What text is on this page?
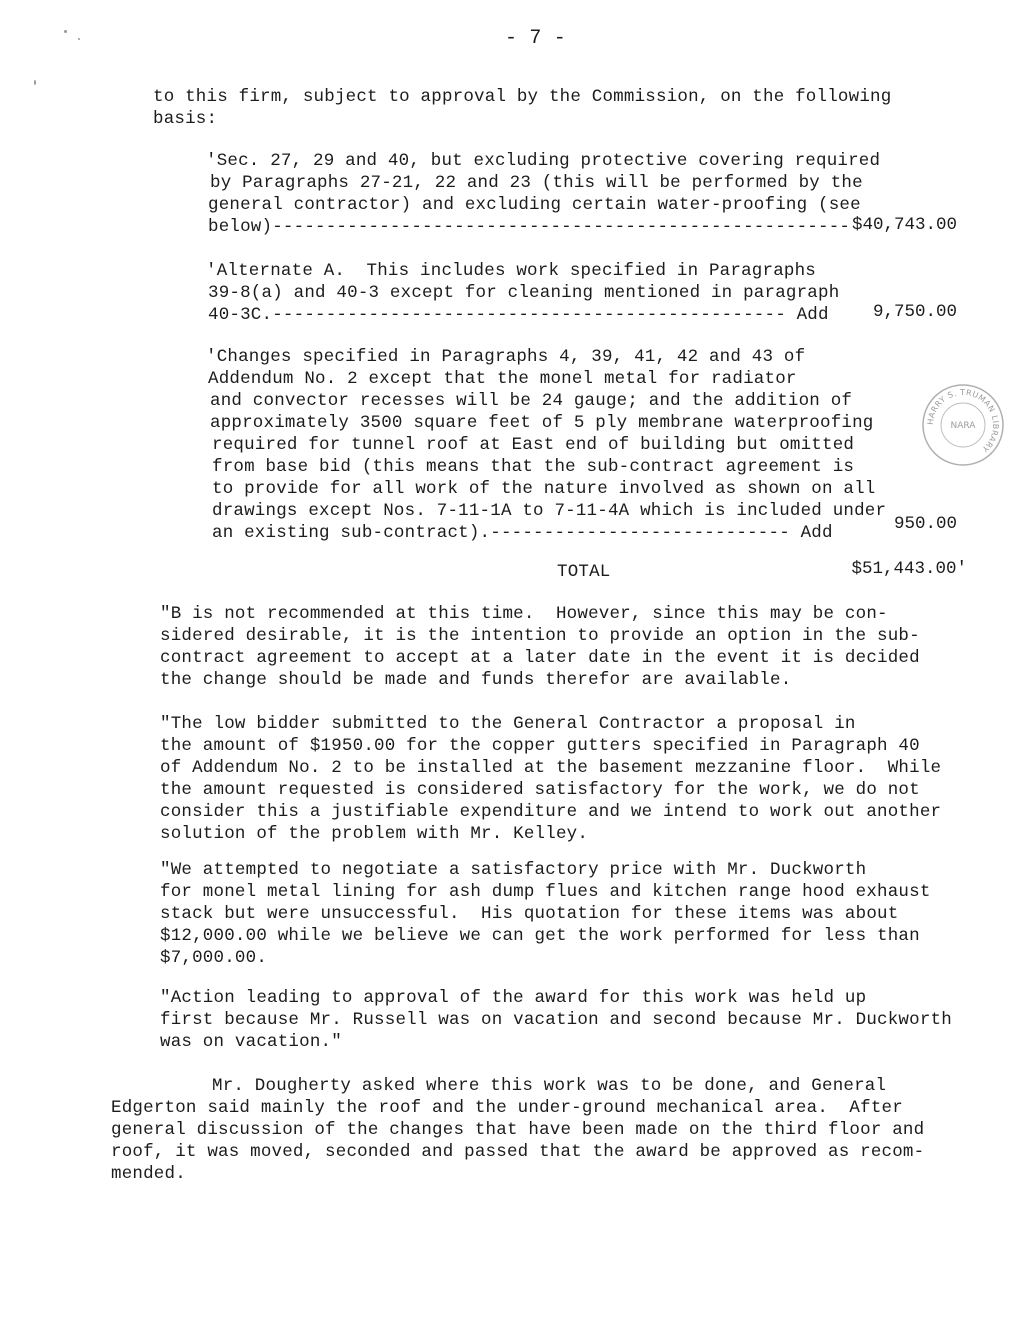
- 7 -
to this firm, subject to approval by the Commission, on the following
basis:
'Sec. 27, 29 and 40, but excluding protective covering required
by Paragraphs 27-21, 22 and 23 (this will be performed by the
general contractor) and excluding certain water-proofing (see
below)------------------------------------------------------ $40,743.00
'Alternate A.  This includes work specified in Paragraphs
39-8(a) and 40-3 except for cleaning mentioned in paragraph
40-3C.------------------------------------------------ Add	9,750.00
'Changes specified in Paragraphs 4, 39, 41, 42 and 43 of
Addendum No. 2 except that the monel metal for radiator
and convector recesses will be 24 gauge; and the addition of
approximately 3500 square feet of 5 ply membrane waterproofing
required for tunnel roof at East end of building but omitted
from base bid (this means that the sub-contract agreement is
to provide for all work of the nature involved as shown on all
drawings except Nos. 7-11-1A to 7-11-4A which is included under
an existing sub-contract).---------------------------- Add	950.00
TOTAL	$51,443.00'
"B is not recommended at this time.  However, since this may be con-
sidered desirable, it is the intention to provide an option in the sub-
contract agreement to accept at a later date in the event it is decided
the change should be made and funds therefor are available.
"The low bidder submitted to the General Contractor a proposal in
the amount of $1950.00 for the copper gutters specified in Paragraph 40
of Addendum No. 2 to be installed at the basement mezzanine floor.  While
the amount requested is considered satisfactory for the work, we do not
consider this a justifiable expenditure and we intend to work out another
solution of the problem with Mr. Kelley.
"We attempted to negotiate a satisfactory price with Mr. Duckworth
for monel metal lining for ash dump flues and kitchen range hood exhaust
stack but were unsuccessful.  His quotation for these items was about
$12,000.00 while we believe we can get the work performed for less than
$7,000.00.
"Action leading to approval of the award for this work was held up
first because Mr. Russell was on vacation and second because Mr. Duckworth
was on vacation."
Mr. Dougherty asked where this work was to be done, and General
Edgerton said mainly the roof and the under-ground mechanical area.  After
general discussion of the changes that have been made on the third floor and
roof, it was moved, seconded and passed that the award be approved as recom-
mended.
HARRY S. TRUMAN LIBRARY
NARA
